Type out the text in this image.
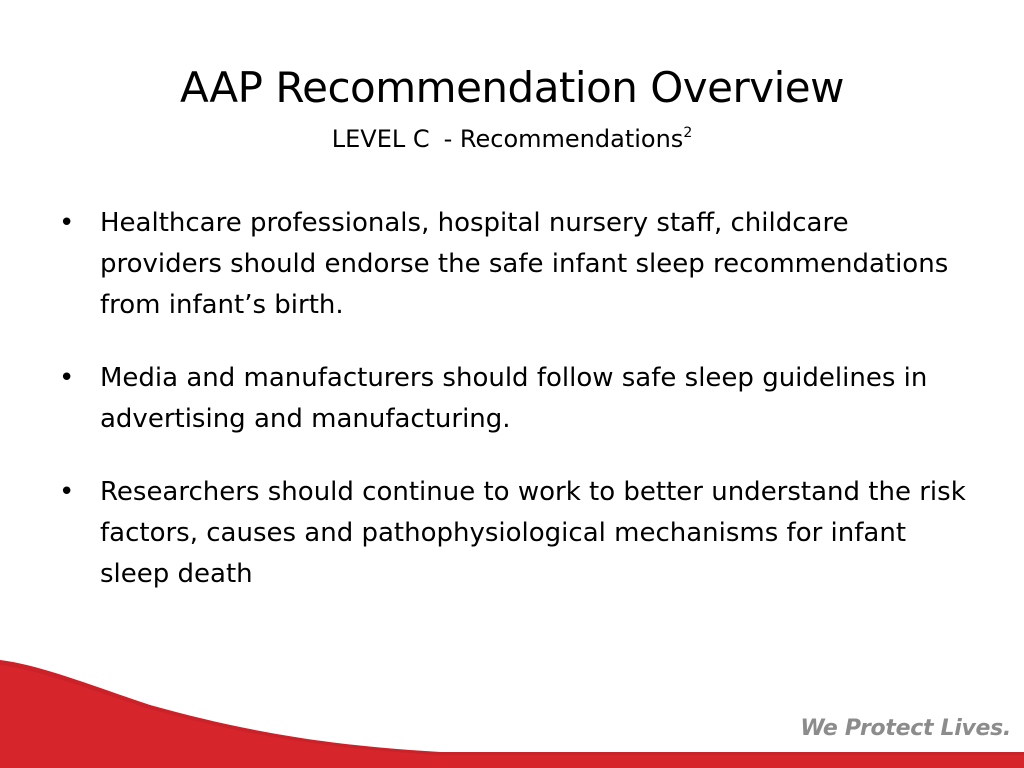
AAP Recommendation Overview
LEVEL C - Recommendations$^2$
• Healthcare professionals, hospital nursery staff, childcare providers should endorse the safe infant sleep recommendations from infant’s birth.
• Media and manufacturers should follow safe sleep guidelines in advertising and manufacturing.
• Researchers should continue to work to better understand the risk factors, causes and pathophysiological mechanisms for infant sleep death
We Protect Lives.
